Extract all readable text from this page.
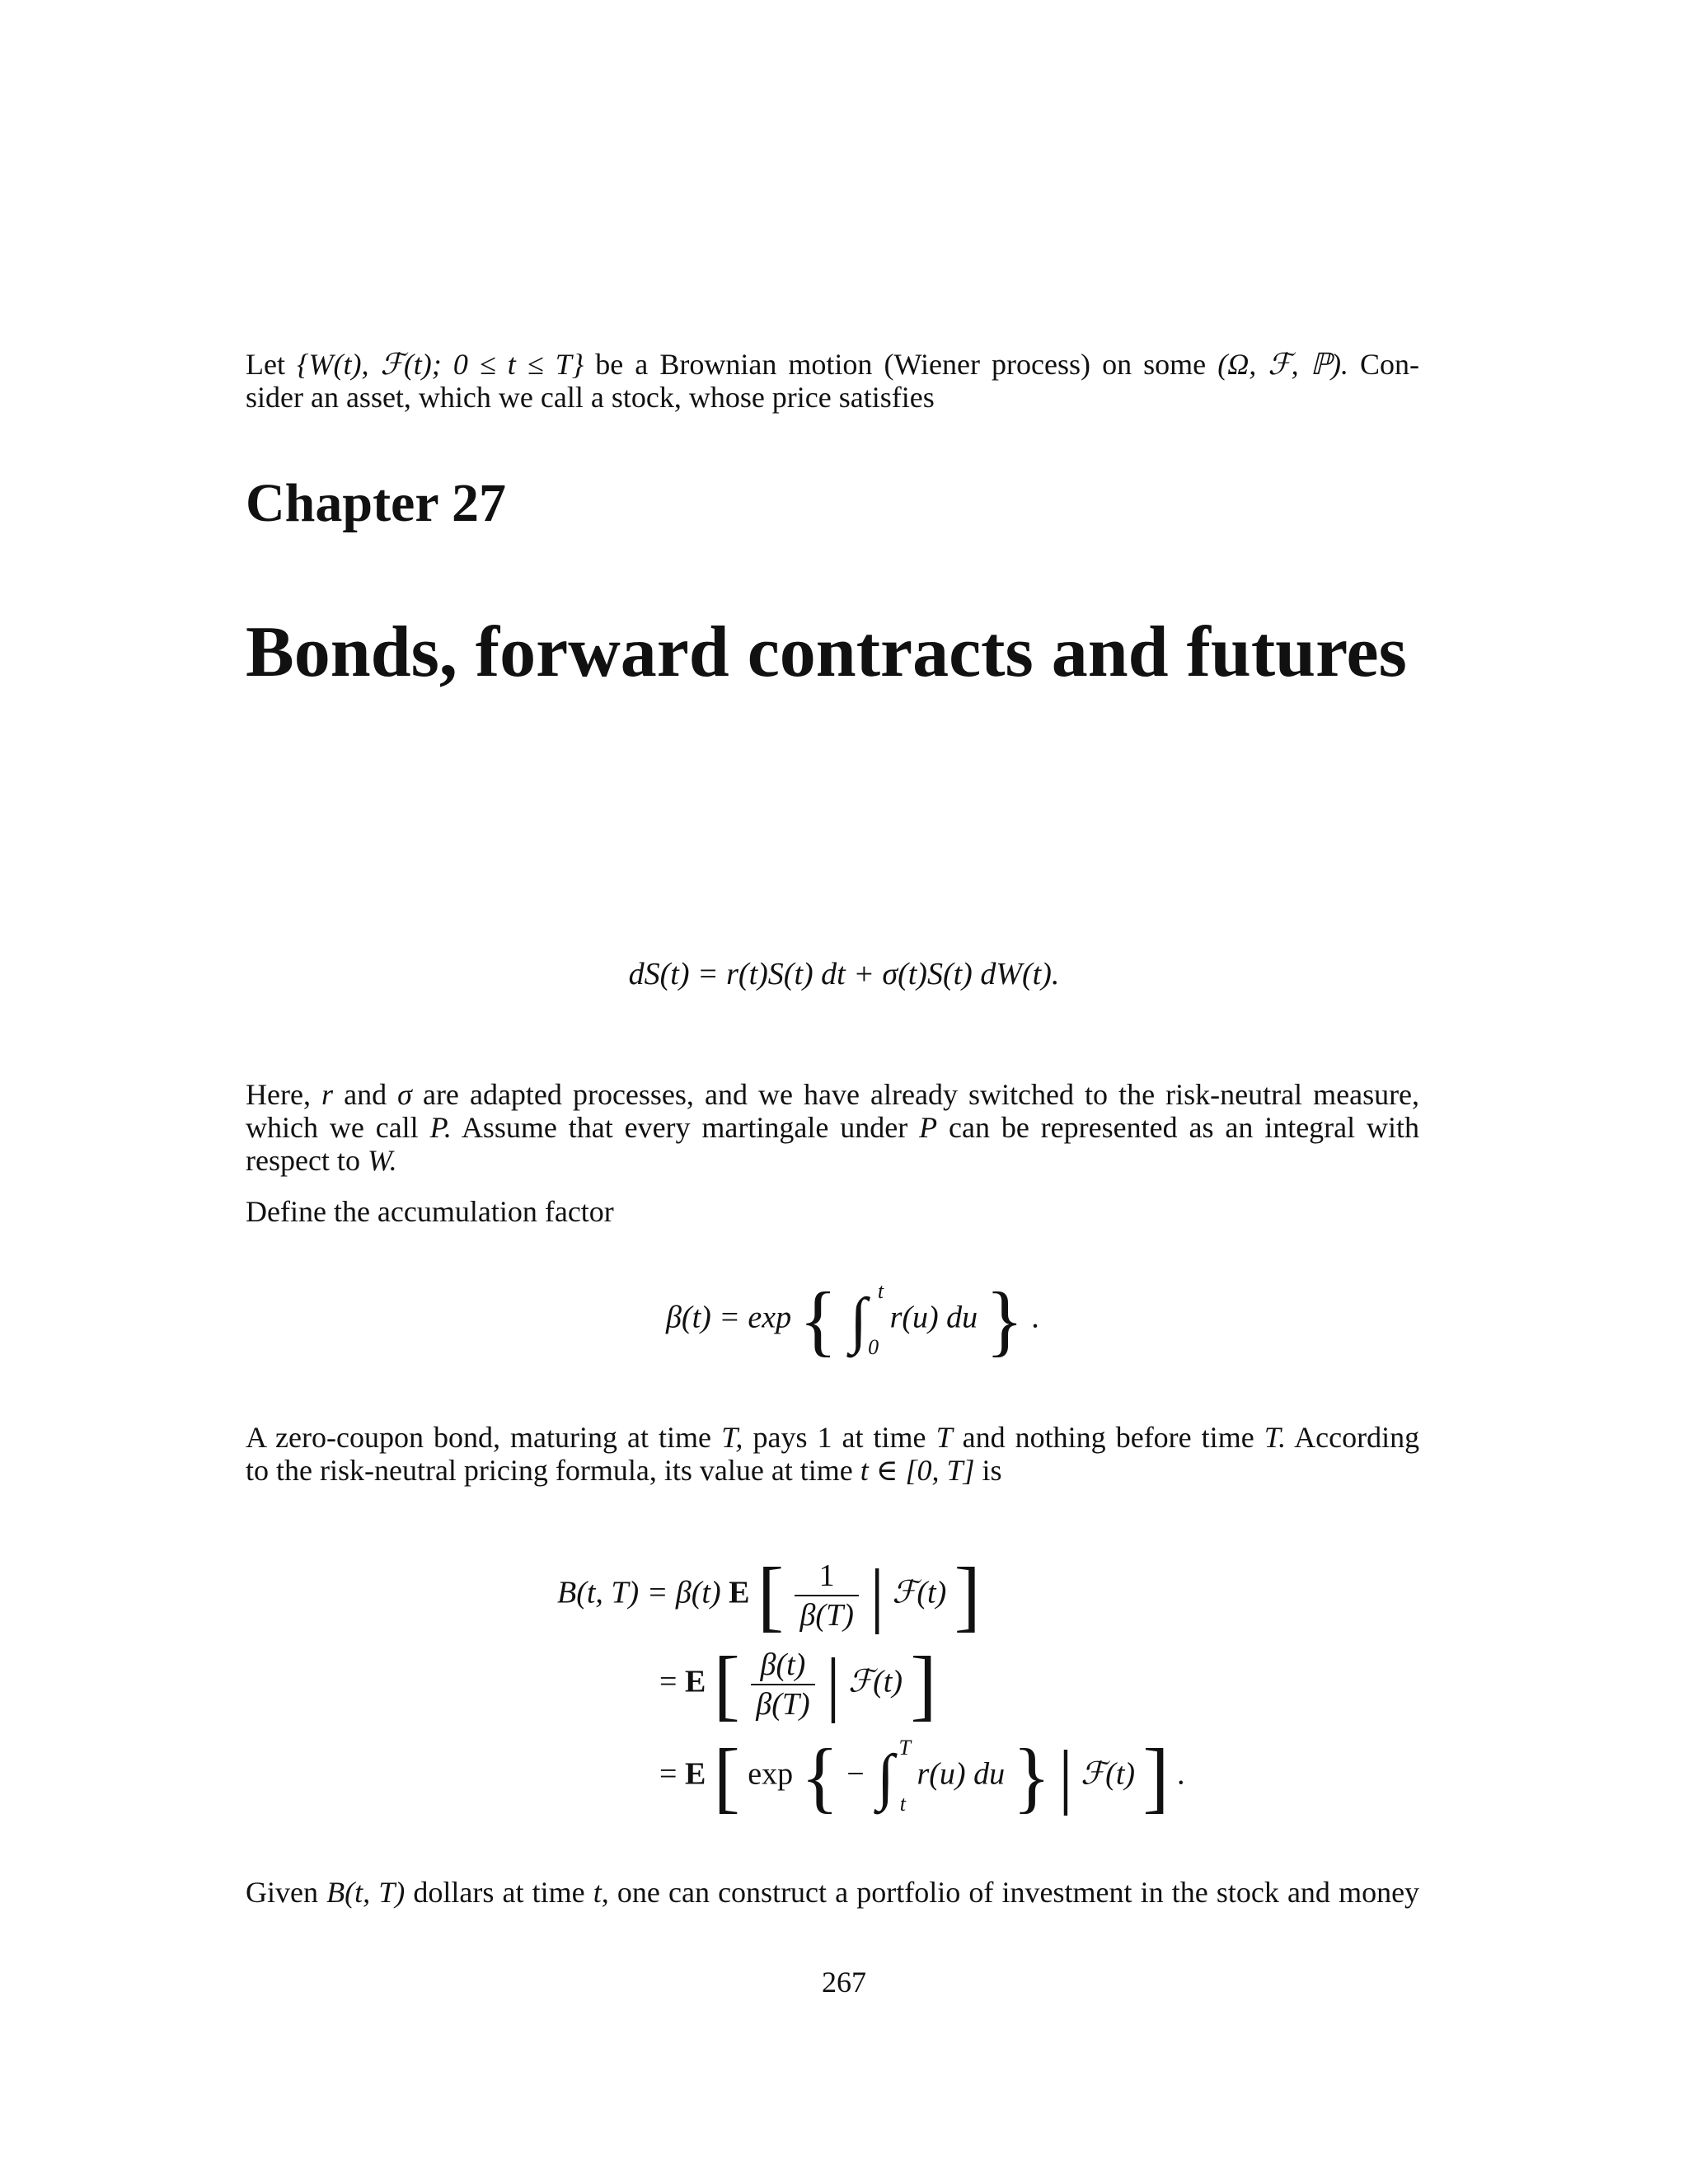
Chapter 27
Bonds, forward contracts and futures
Let {W(t), ℱ(t); 0 ≤ t ≤ T} be a Brownian motion (Wiener process) on some (Ω, ℱ, ℙ). Con-
sider an asset, which we call a stock, whose price satisfies

dS(t) = r(t)S(t) dt + σ(t)S(t) dW(t).

Here, r and σ are adapted processes, and we have already switched to the risk-neutral measure,
which we call P. Assume that every martingale under P can be represented as an integral with
respect to W.
Define the accumulation factor
β(t) = exp { ∫ t
0
r(u) du } .
A zero-coupon bond, maturing at time T, pays 1 at time T and nothing before time T. According
to the risk-neutral pricing formula, its value at time t ∈ [0, T] is
B(t, T) = β(t) E [ $\frac{1}{\beta(T)}$ | ℱ(t) ]
= E [ $\frac{\beta(t)}{\beta(T)}$ | ℱ(t) ]
= E [ exp { − ∫ T
t
r(u) du } | ℱ(t) ] .
Given B(t, T) dollars at time t, one can construct a portfolio of investment in the stock and money

267
